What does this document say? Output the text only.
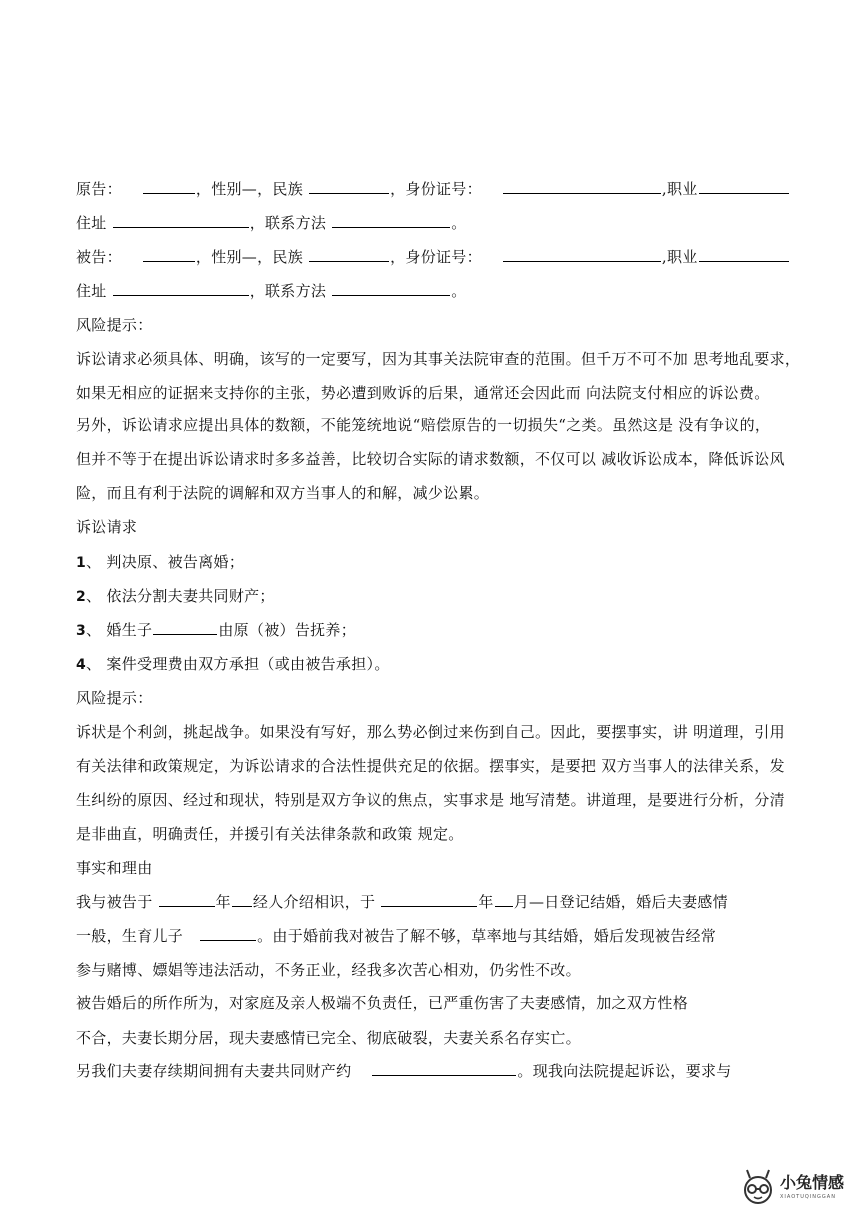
原告：	，性别—，民族	，身份证号：	,职业
住址	，联系方法	。
被告：	，性别—，民族	，身份证号：	,职业
住址	，联系方法	。
风险提示：
诉讼请求必须具体、明确，该写的一定要写，因为其事关法院审查的范围。但千万不可不加 思考地乱要求，
如果无相应的证据来支持你的主张，势必遭到败诉的后果，通常还会因此而 向法院支付相应的诉讼费。
另外，诉讼请求应提出具体的数额，不能笼统地说“赔偿原告的一切损失“之类。虽然这是 没有争议的，
但并不等于在提出诉讼请求时多多益善，比较切合实际的请求数额，不仅可以 减收诉讼成本，降低诉讼风
险，而且有利于法院的调解和双方当事人的和解，减少讼累。
诉讼请求
1、 判决原、被告离婚；
2、 依法分割夫妻共同财产；
3、 婚生子	由原（被）告抚养；
4、 案件受理费由双方承担（或由被告承担）。
风险提示：
诉状是个利剑，挑起战争。如果没有写好，那么势必倒过来伤到自己。因此，要摆事实，讲 明道理，引用
有关法律和政策规定，为诉讼请求的合法性提供充足的依据。摆事实，是要把 双方当事人的法律关系，发
生纠纷的原因、经过和现状，特别是双方争议的焦点，实事求是 地写清楚。讲道理，是要进行分析，分清
是非曲直，明确责任，并援引有关法律条款和政策 规定。
事实和理由
我与被告于	年 经人介绍相识，于	年 月—日登记结婚，婚后夫妻感情
一般，生育儿子	。由于婚前我对被告了解不够，草率地与其结婚，婚后发现被告经常
参与赌博、嫖娼等违法活动，不务正业，经我多次苦心相劝，仍劣性不改。
被告婚后的所作所为，对家庭及亲人极端不负责任，已严重伤害了夫妻感情，加之双方性格
不合，夫妻长期分居，现夫妻感情已完全、彻底破裂，夫妻关系名存实亡。
另我们夫妻存续期间拥有夫妻共同财产约	。现我向法院提起诉讼，要求与
小兔情感
XIAOTUQINGGAN
